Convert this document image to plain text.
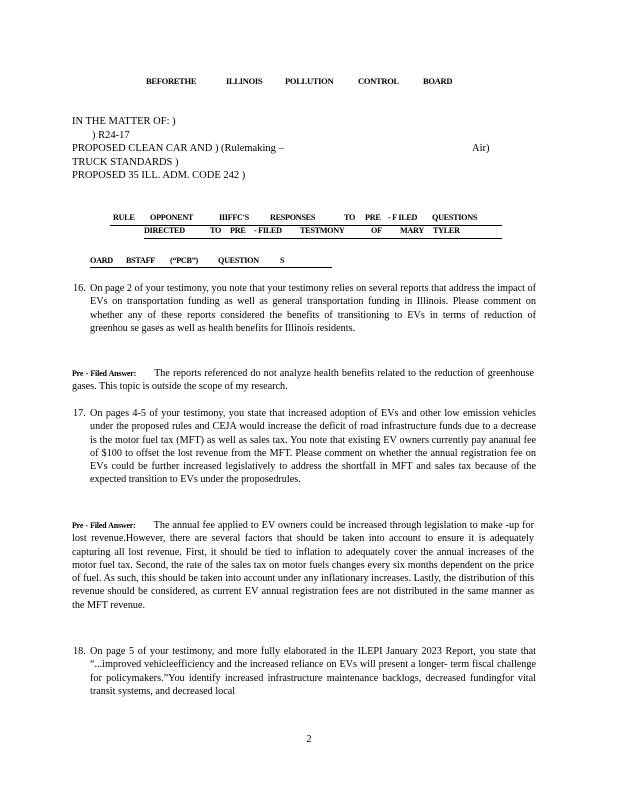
BEFORETHE	ILLINOIS	POLLUTION	CONTROL	BOARD
IN THE MATTER OF: )
) R24-17
PROPOSED CLEAN CAR AND ) (Rulemaking –	Air)
TRUCK STANDARDS )
PROPOSED 35 ILL. ADM. CODE 242 )
RULE OPPONENT	IIIFFC'S	RESPONSES	TO PRE - F ILED QUESTIONS
DIRECTED	TO PRE - FILED TESTMONY	OF MARY TYLER
OARD BSTAFF (“PCB”) QUESTION	S
16. On page 2 of your testimony, you note that your testimony relies on several reports that address the impact of EVs on transportation funding as well as general transportation funding in Illinois. Please comment on whether any of these reports considered the benefits of transitioning to EVs in terms of reduction of greenhou se gases as well as health benefits for Illinois residents.
Pre - Filed Answer: The reports referenced do not analyze health benefits related to the reduction of greenhouse gases. This topic is outside the scope of my research.
17. On pages 4-5 of your testimony, you state that increased adoption of EVs and other low emission vehicles under the proposed rules and CEJA would increase the deficit of road infrastructure funds due to a decrease is the motor fuel tax (MFT) as well as sales tax. You note that existing EV owners currently pay ananual fee of $100 to offset the lost revenue from the MFT. Please comment on whether the annual registration fee on EVs could be further increased legislatively to address the shortfall in MFT and sales tax because of the expected transition to EVs under the proposedrules.
Pre - Filed Answer: The annual fee applied to EV owners could be increased through legislation to make -up for lost revenue.However, there are several factors that should be taken into account to ensure it is adequately capturing all lost revenue. First, it should be tied to inflation to adequately cover the annual increases of the motor fuel tax. Second, the rate of the sales tax on motor fuels changes every six months dependent on the price of fuel. As such, this should be taken into account under any inflationary increases. Lastly, the distribution of this revenue should be considered, as current EV annual registration fees are not distributed in the same manner as the MFT revenue.
18. On page 5 of your testimony, and more fully elaborated in the ILEPI January 2023 Report, you state that “...improved vehicleefficiency and the increased reliance on EVs will present a longer- term fiscal challenge for policymakers.”You identify increased infrastructure maintenance backlogs, decreased fundingfor vital transit systems, and decreased local
2
